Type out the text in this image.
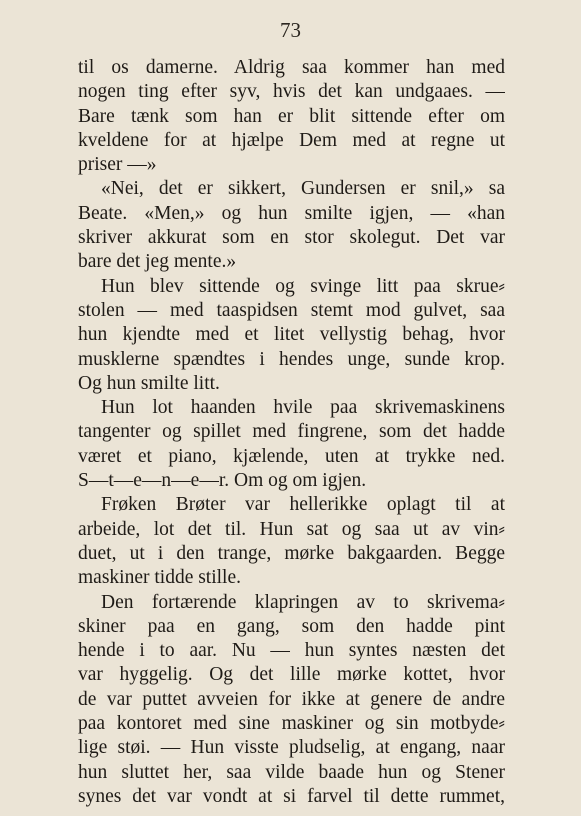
73
til os damerne. Aldrig saa kommer han med
nogen ting efter syv, hvis det kan undgaaes. —
Bare tænk som han er blit sittende efter om
kveldene for at hjælpe Dem med at regne ut
priser —»
«Nei, det er sikkert, Gundersen er snil,» sa
Beate. «Men,» og hun smilte igjen, — «han
skriver akkurat som en stor skolegut. Det var
bare det jeg mente.»
Hun blev sittende og svinge litt paa skrue⸗
stolen — med taaspidsen stemt mod gulvet, saa
hun kjendte med et litet vellystig behag, hvor
musklerne spændtes i hendes unge, sunde krop.
Og hun smilte litt.
Hun lot haanden hvile paa skrivemaskinens
tangenter og spillet med fingrene, som det hadde
været et piano, kjælende, uten at trykke ned.
S—t—e—n—e—r. Om og om igjen.
Frøken Brøter var hellerikke oplagt til at
arbeide, lot det til. Hun sat og saa ut av vin⸗
duet, ut i den trange, mørke bakgaarden. Begge
maskiner tidde stille.
Den fortærende klapringen av to skrivema⸗
skiner paa en gang, som den hadde pint
hende i to aar. Nu — hun syntes næsten det
var hyggelig. Og det lille mørke kottet, hvor
de var puttet avveien for ikke at genere de andre
paa kontoret med sine maskiner og sin motbyde⸗
lige støi. — Hun visste pludselig, at engang, naar
hun sluttet her, saa vilde baade hun og Stener
synes det var vondt at si farvel til dette rummet,
